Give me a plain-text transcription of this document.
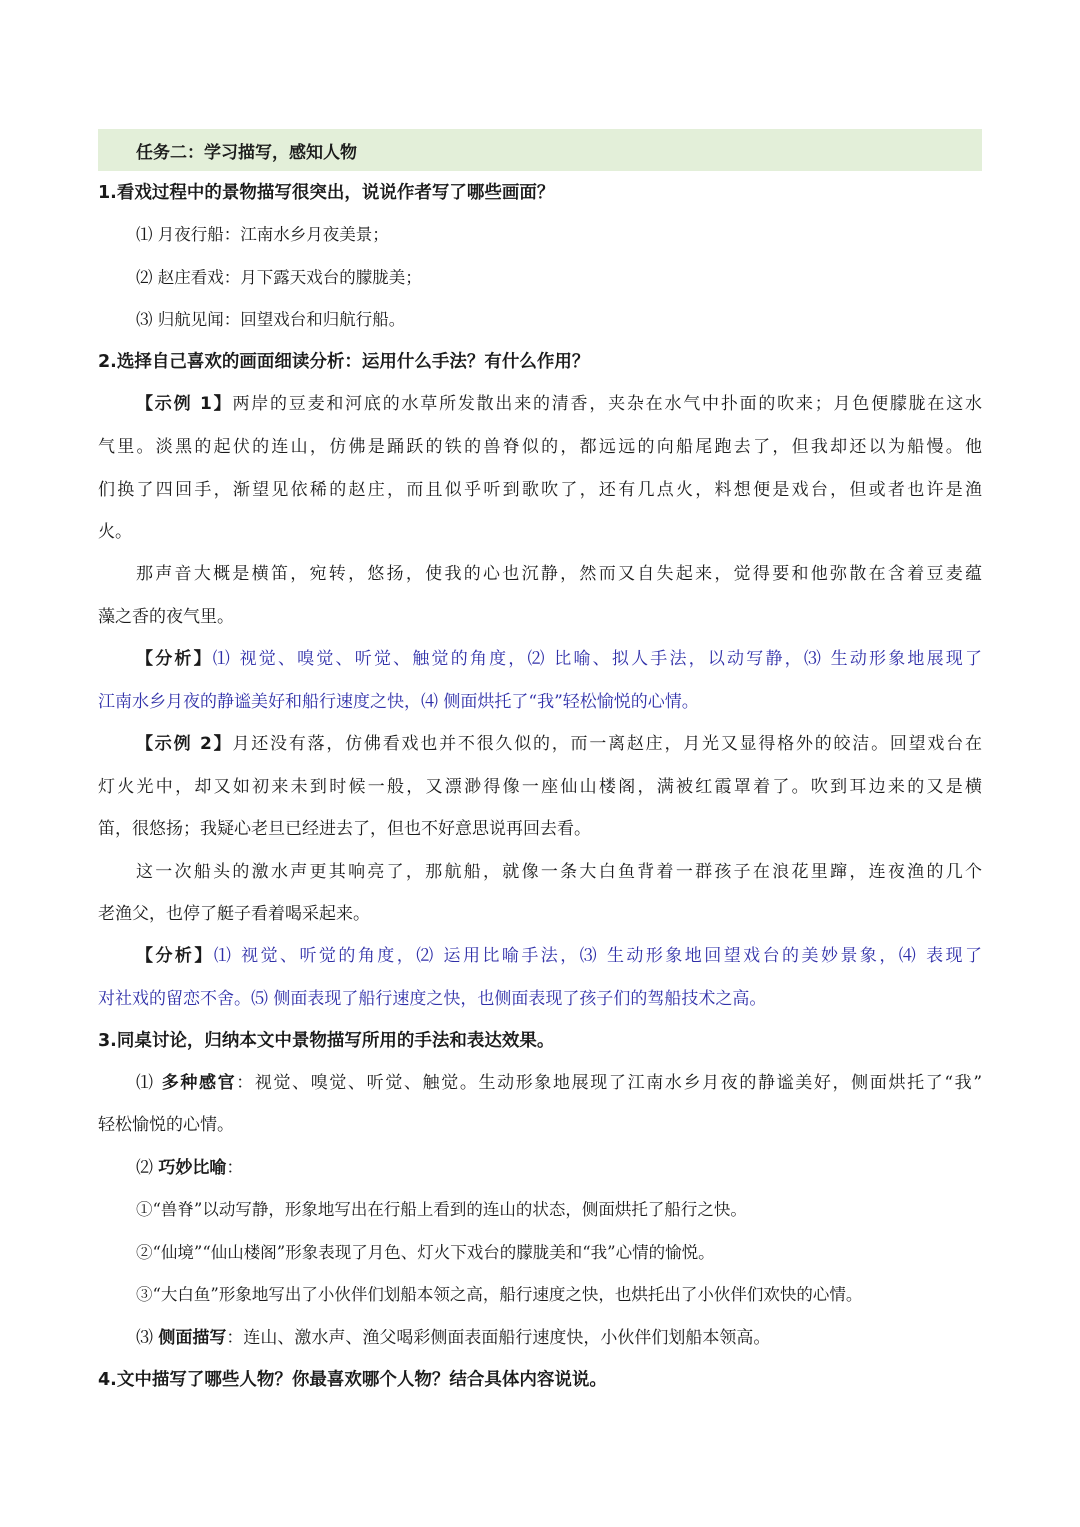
任务二：学习描写，感知人物
1.看戏过程中的景物描写很突出，说说作者写了哪些画面？
⑴ 月夜行船：江南水乡月夜美景；
⑵ 赵庄看戏：月下露天戏台的朦胧美；
⑶ 归航见闻：回望戏台和归航行船。
2.选择自己喜欢的画面细读分析：运用什么手法？有什么作用？
【示例 1】两岸的豆麦和河底的水草所发散出来的清香，夹杂在水气中扑面的吹来；月色便朦胧在这水
气里。淡黑的起伏的连山，仿佛是踊跃的铁的兽脊似的，都远远的向船尾跑去了，但我却还以为船慢。他
们换了四回手，渐望见依稀的赵庄，而且似乎听到歌吹了，还有几点火，料想便是戏台，但或者也许是渔
火。
那声音大概是横笛，宛转，悠扬，使我的心也沉静，然而又自失起来，觉得要和他弥散在含着豆麦蕴
藻之香的夜气里。
【分析】⑴ 视觉、嗅觉、听觉、触觉的角度，⑵ 比喻、拟人手法，以动写静，⑶ 生动形象地展现了
江南水乡月夜的静谧美好和船行速度之快，⑷ 侧面烘托了“我”轻松愉悦的心情。
【示例 2】月还没有落，仿佛看戏也并不很久似的，而一离赵庄，月光又显得格外的皎洁。回望戏台在
灯火光中，却又如初来未到时候一般，又漂渺得像一座仙山楼阁，满被红霞罩着了。吹到耳边来的又是横
笛，很悠扬；我疑心老旦已经进去了，但也不好意思说再回去看。
这一次船头的激水声更其响亮了，那航船，就像一条大白鱼背着一群孩子在浪花里蹿，连夜渔的几个
老渔父，也停了艇子看着喝采起来。
【分析】⑴ 视觉、听觉的角度，⑵ 运用比喻手法，⑶ 生动形象地回望戏台的美妙景象，⑷ 表现了
对社戏的留恋不舍。⑸ 侧面表现了船行速度之快，也侧面表现了孩子们的驾船技术之高。
3.同桌讨论，归纳本文中景物描写所用的手法和表达效果。
⑴ 多种感官：视觉、嗅觉、听觉、触觉。生动形象地展现了江南水乡月夜的静谧美好，侧面烘托了“我”
轻松愉悦的心情。
⑵ 巧妙比喻：
①“兽脊”以动写静，形象地写出在行船上看到的连山的状态，侧面烘托了船行之快。
②“仙境”“仙山楼阁”形象表现了月色、灯火下戏台的朦胧美和“我”心情的愉悦。
③“大白鱼”形象地写出了小伙伴们划船本领之高，船行速度之快，也烘托出了小伙伴们欢快的心情。
⑶ 侧面描写：连山、激水声、渔父喝彩侧面表面船行速度快，小伙伴们划船本领高。
4.文中描写了哪些人物？你最喜欢哪个人物？结合具体内容说说。
